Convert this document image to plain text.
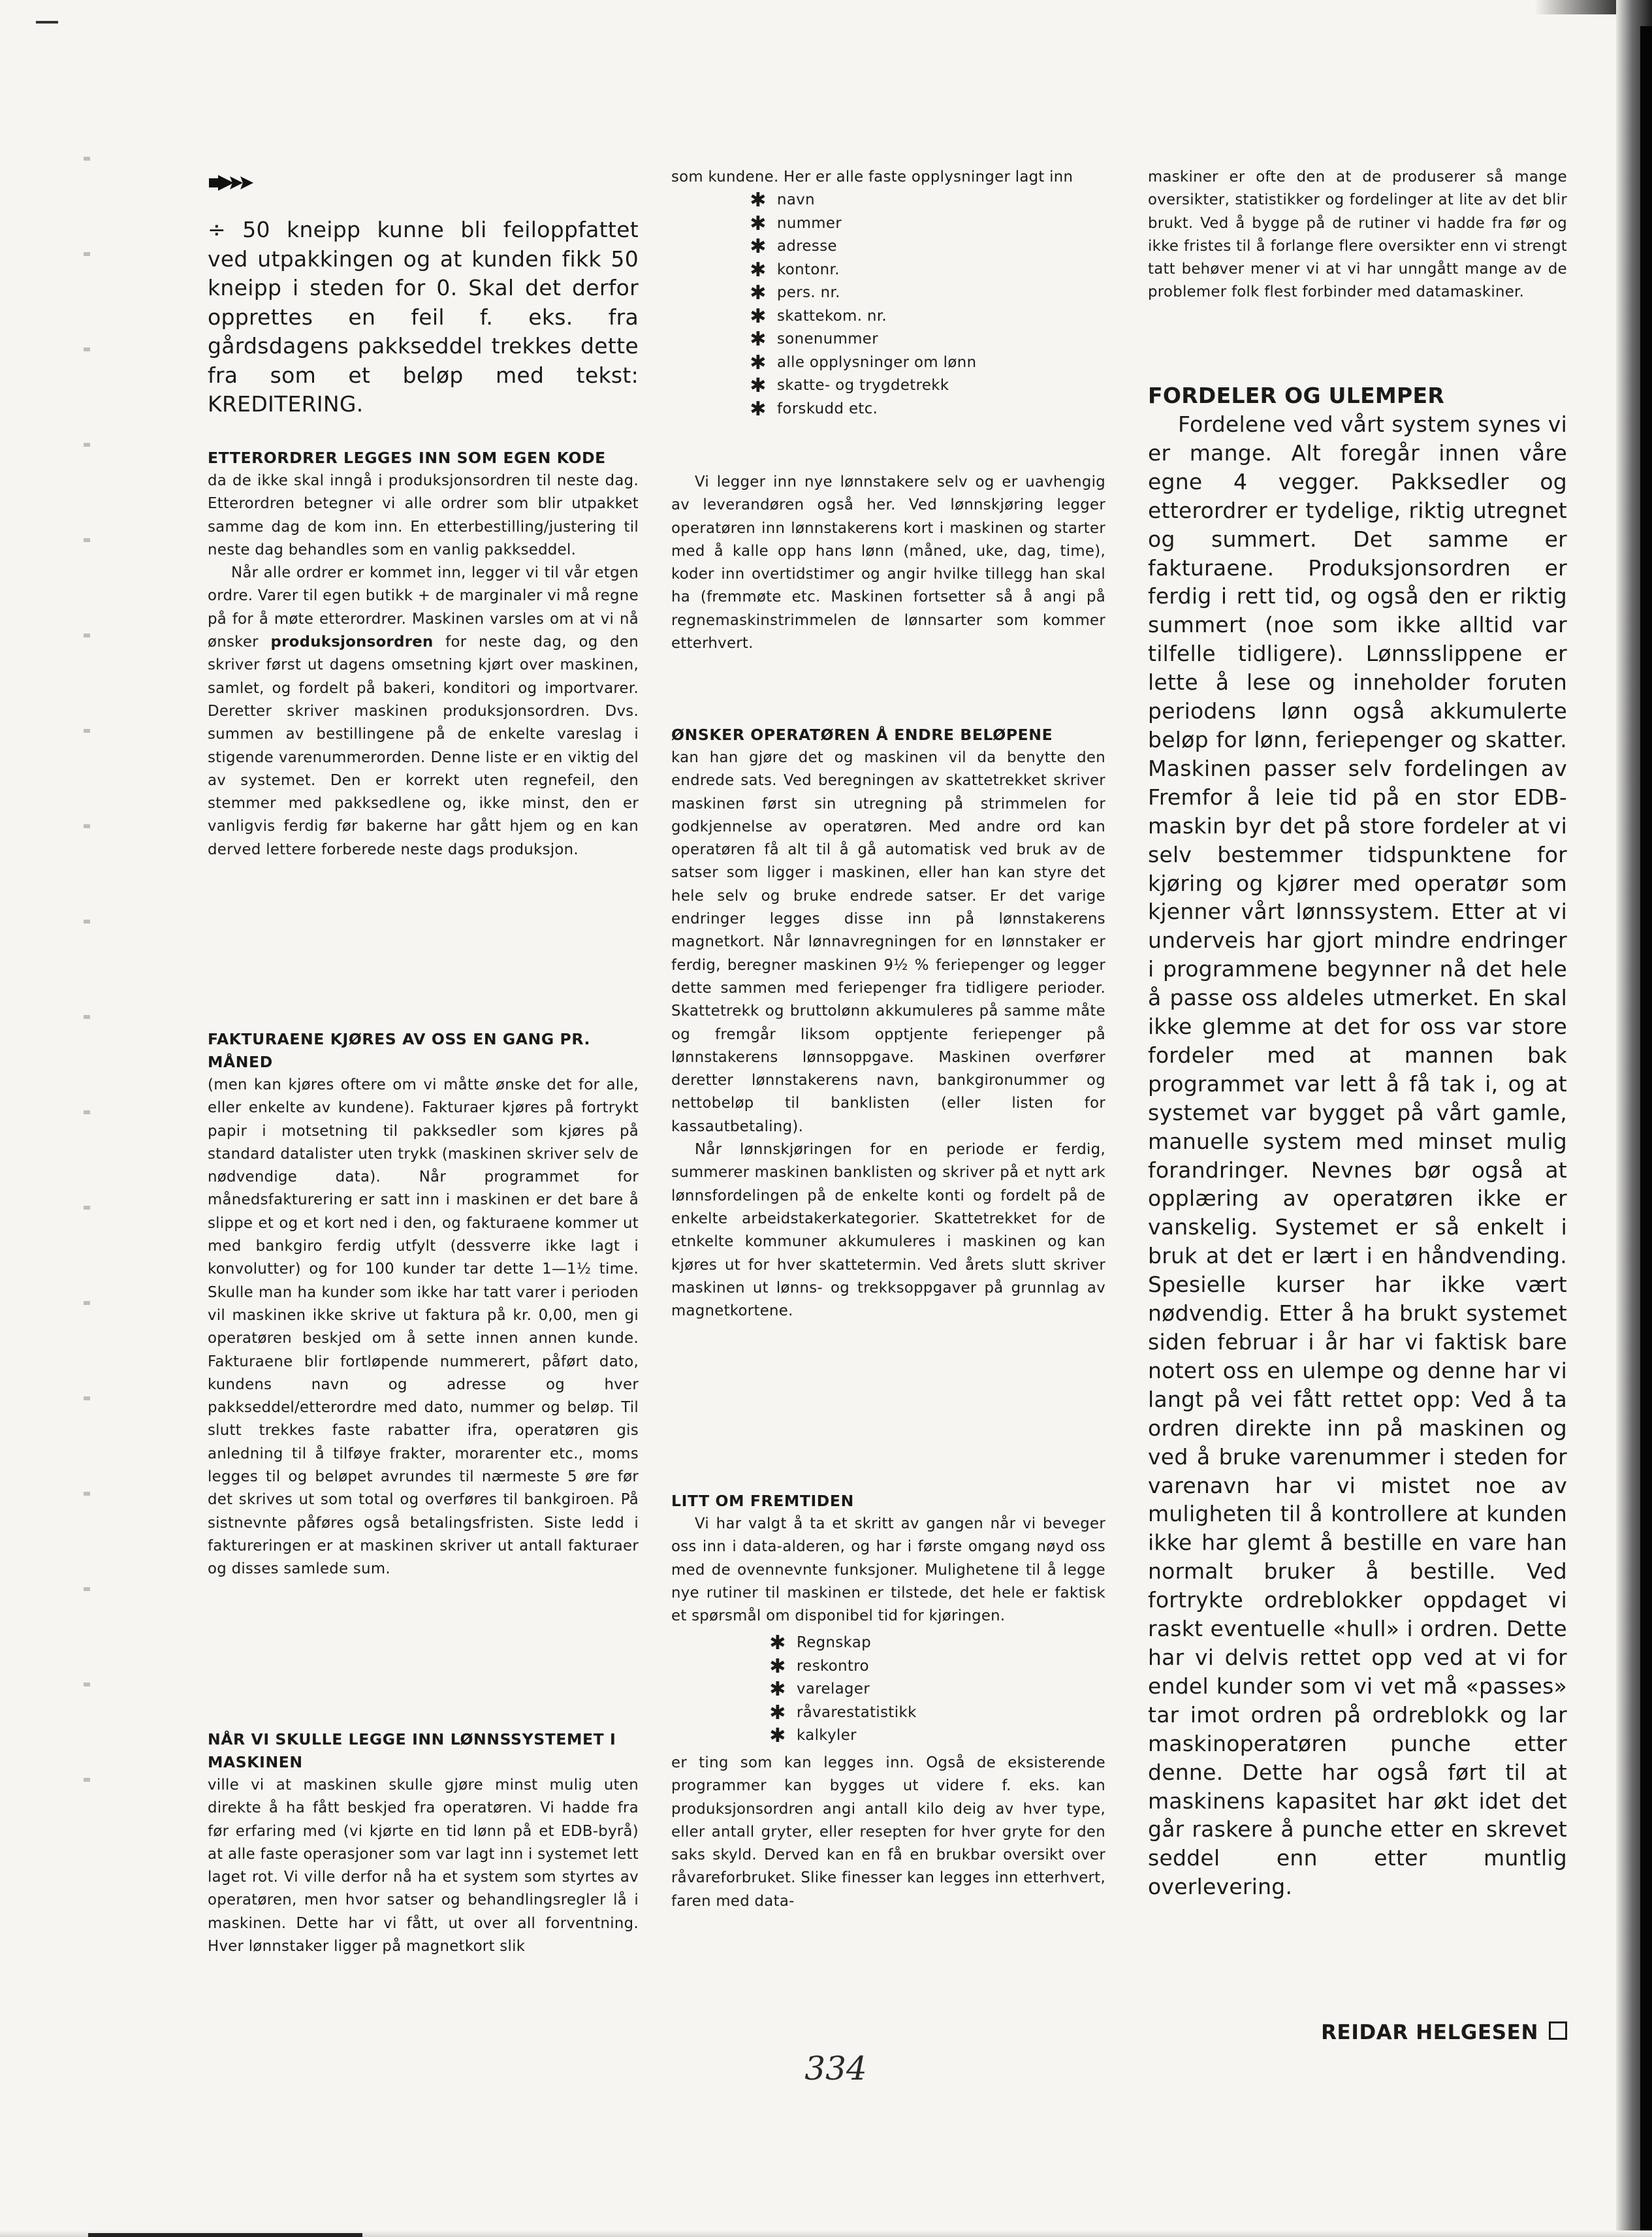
÷ 50 kneipp kunne bli feiloppfattet ved utpakkingen og at kunden fikk 50 kneipp i steden for 0. Skal det derfor opprettes en feil f. eks. fra gårdsdagens pakkseddel trekkes dette fra som et beløp med tekst: KREDITERING.
ETTERORDRER LEGGES INN SOM EGEN KODE

da de ikke skal inngå i produksjonsordren til neste dag. Etterordren betegner vi alle ordrer som blir utpakket samme dag de kom inn. En etterbestilling/justering til neste dag behandles som en vanlig pakkseddel.

Når alle ordrer er kommet inn, legger vi til vår etgen ordre. Varer til egen butikk + de marginaler vi må regne på for å møte etterordrer. Maskinen varsles om at vi nå ønsker produksjonsordren for neste dag, og den skriver først ut dagens omsetning kjørt over maskinen, samlet, og fordelt på bakeri, konditori og importvarer. Deretter skriver maskinen produksjonsordren. Dvs. summen av bestillingene på de enkelte vareslag i stigende varenummerorden. Denne liste er en viktig del av systemet. Den er korrekt uten regnefeil, den stemmer med pakksedlene og, ikke minst, den er vanligvis ferdig før bakerne har gått hjem og en kan derved lettere forberede neste dags produksjon.

FAKTURAENE KJØRES AV OSS EN GANG PR. MÅNED

(men kan kjøres oftere om vi måtte ønske det for alle, eller enkelte av kundene). Fakturaer kjøres på fortrykt papir i motsetning til pakksedler som kjøres på standard datalister uten trykk (maskinen skriver selv de nødvendige data). Når programmet for månedsfakturering er satt inn i maskinen er det bare å slippe et og et kort ned i den, og fakturaene kommer ut med bankgiro ferdig utfylt (dessverre ikke lagt i konvolutter) og for 100 kunder tar dette 1—1½ time. Skulle man ha kunder som ikke har tatt varer i perioden vil maskinen ikke skrive ut faktura på kr. 0,00, men gi operatøren beskjed om å sette innen annen kunde. Fakturaene blir fortløpende nummerert, påført dato, kundens navn og adresse og hver pakkseddel/etterordre med dato, nummer og beløp. Til slutt trekkes faste rabatter ifra, operatøren gis anledning til å tilføye frakter, morarenter etc., moms legges til og beløpet avrundes til nærmeste 5 øre før det skrives ut som total og overføres til bankgiroen. På sistnevnte påføres også betalingsfristen. Siste ledd i faktureringen er at maskinen skriver ut antall fakturaer og disses samlede sum.

NÅR VI SKULLE LEGGE INN LØNNSSYSTEMET I MASKINEN

ville vi at maskinen skulle gjøre minst mulig uten direkte å ha fått beskjed fra operatøren. Vi hadde fra før erfaring med (vi kjørte en tid lønn på et EDB-byrå) at alle faste operasjoner som var lagt inn i systemet lett laget rot. Vi ville derfor nå ha et system som styrtes av operatøren, men hvor satser og behandlingsregler lå i maskinen. Dette har vi fått, ut over all forventning. Hver lønnstaker ligger på magnetkort slik

som kundene. Her er alle faste opplysninger lagt inn
✱ navn
✱ nummer
✱ adresse
✱ kontonr.
✱ pers. nr.
✱ skattekom. nr.
✱ sonenummer
✱ alle opplysninger om lønn
✱ skatte- og trygdetrekk
✱ forskudd etc.

Vi legger inn nye lønnstakere selv og er uavhengig av leverandøren også her. Ved lønnskjøring legger operatøren inn lønnstakerens kort i maskinen og starter med å kalle opp hans lønn (måned, uke, dag, time), koder inn overtidstimer og angir hvilke tillegg han skal ha (fremmøte etc. Maskinen fortsetter så å angi på regnemaskinstrimmelen de lønnsarter som kommer etterhvert.

ØNSKER OPERATØREN Å ENDRE BELØPENE

kan han gjøre det og maskinen vil da benytte den endrede sats. Ved beregningen av skattetrekket skriver maskinen først sin utregning på strimmelen for godkjennelse av operatøren. Med andre ord kan operatøren få alt til å gå automatisk ved bruk av de satser som ligger i maskinen, eller han kan styre det hele selv og bruke endrede satser. Er det varige endringer legges disse inn på lønnstakerens magnetkort. Når lønnavregningen for en lønnstaker er ferdig, beregner maskinen 9½ % feriepenger og legger dette sammen med feriepenger fra tidligere perioder. Skattetrekk og bruttolønn akkumuleres på samme måte og fremgår liksom opptjente feriepenger på lønnstakerens lønnsoppgave. Maskinen overfører deretter lønnstakerens navn, bankgironummer og nettobeløp til banklisten (eller listen for kassautbetaling).

Når lønnskjøringen for en periode er ferdig, summerer maskinen banklisten og skriver på et nytt ark lønnsfordelingen på de enkelte konti og fordelt på de enkelte arbeidstakerkategorier. Skattetrekket for de etnkelte kommuner akkumuleres i maskinen og kan kjøres ut for hver skattetermin. Ved årets slutt skriver maskinen ut lønns- og trekksoppgaver på grunnlag av magnetkortene.

LITT OM FREMTIDEN

Vi har valgt å ta et skritt av gangen når vi beveger oss inn i data-alderen, og har i første omgang nøyd oss med de ovennevnte funksjoner. Mulighetene til å legge nye rutiner til maskinen er tilstede, det hele er faktisk et spørsmål om disponibel tid for kjøringen.

✱ Regnskap
✱ reskontro
✱ varelager
✱ råvarestatistikk
✱ kalkyler

er ting som kan legges inn. Også de eksisterende programmer kan bygges ut videre f. eks. kan produksjonsordren angi antall kilo deig av hver type, eller antall gryter, eller resepten for hver gryte for den saks skyld. Derved kan en få en brukbar oversikt over råvareforbruket. Slike finesser kan legges inn etterhvert, faren med data-

maskiner er ofte den at de produserer så mange oversikter, statistikker og fordelinger at lite av det blir brukt. Ved å bygge på de rutiner vi hadde fra før og ikke fristes til å forlange flere oversikter enn vi strengt tatt behøver mener vi at vi har unngått mange av de problemer folk flest forbinder med datamaskiner.
FORDELER OG ULEMPER

Fordelene ved vårt system synes vi er mange. Alt foregår innen våre egne 4 vegger. Pakksedler og etterordrer er tydelige, riktig utregnet og summert. Det samme er fakturaene. Produksjonsordren er ferdig i rett tid, og også den er riktig summert (noe som ikke alltid var tilfelle tidligere). Lønnsslippene er lette å lese og inneholder foruten periodens lønn også akkumulerte beløp for lønn, feriepenger og skatter. Maskinen passer selv fordelingen av Fremfor å leie tid på en stor EDB-maskin byr det på store fordeler at vi selv bestemmer tidspunktene for kjøring og kjører med operatør som kjenner vårt lønnssystem. Etter at vi underveis har gjort mindre endringer i programmene begynner nå det hele å passe oss aldeles utmerket. En skal ikke glemme at det for oss var store fordeler med at mannen bak programmet var lett å få tak i, og at systemet var bygget på vårt gamle, manuelle system med minset mulig forandringer. Nevnes bør også at opplæring av operatøren ikke er vanskelig. Systemet er så enkelt i bruk at det er lært i en håndvending. Spesielle kurser har ikke vært nødvendig. Etter å ha brukt systemet siden februar i år har vi faktisk bare notert oss en ulempe og denne har vi langt på vei fått rettet opp: Ved å ta ordren direkte inn på maskinen og ved å bruke varenummer i steden for varenavn har vi mistet noe av muligheten til å kontrollere at kunden ikke har glemt å bestille en vare han normalt bruker å bestille. Ved fortrykte ordreblokker oppdaget vi raskt eventuelle «hull» i ordren. Dette har vi delvis rettet opp ved at vi for endel kunder som vi vet må «passes» tar imot ordren på ordreblokk og lar maskinoperatøren punche etter denne. Dette har også ført til at maskinens kapasitet har økt idet det går raskere å punche etter en skrevet seddel enn etter muntlig overlevering.

REIDAR HELGESEN
334
